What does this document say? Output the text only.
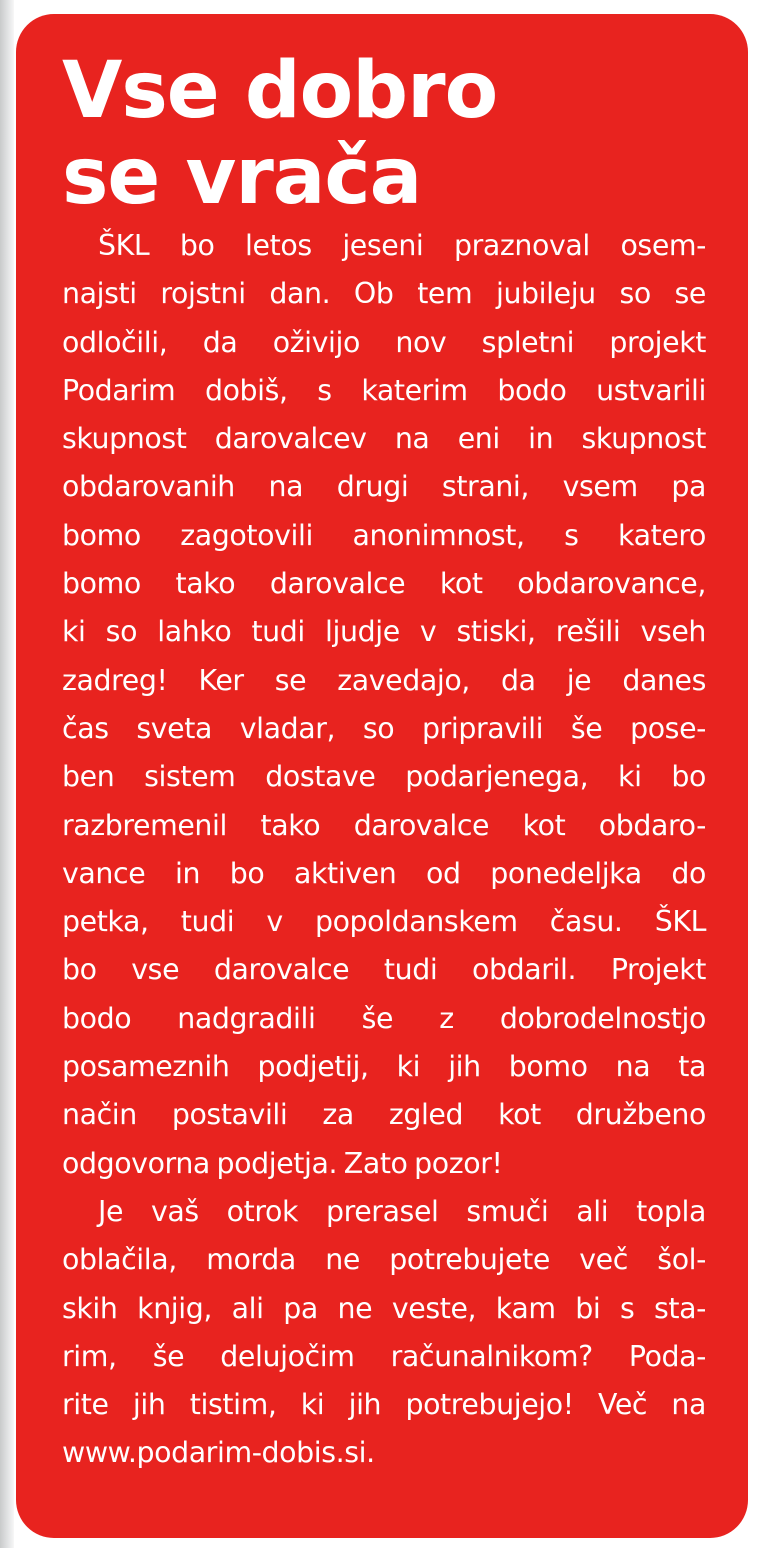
Vse dobro
se vrača

ŠKL bo letos jeseni praznoval osem-
najsti rojstni dan. Ob tem jubileju so se
odločili, da oživijo nov spletni projekt
Podarim dobiš, s katerim bodo ustvarili
skupnost darovalcev na eni in skupnost
obdarovanih na drugi strani, vsem pa
bomo zagotovili anonimnost, s katero
bomo tako darovalce kot obdarovance,
ki so lahko tudi ljudje v stiski, rešili vseh
zadreg! Ker se zavedajo, da je danes
čas sveta vladar, so pripravili še pose-
ben sistem dostave podarjenega, ki bo
razbremenil tako darovalce kot obdaro-
vance in bo aktiven od ponedeljka do
petka, tudi v popoldanskem času. ŠKL
bo vse darovalce tudi obdaril. Projekt
bodo nadgradili še z dobrodelnostjo
posameznih podjetij, ki jih bomo na ta
način postavili za zgled kot družbeno
odgovorna podjetja. Zato pozor!

Je vaš otrok prerasel smuči ali topla
oblačila, morda ne potrebujete več šol-
skih knjig, ali pa ne veste, kam bi s sta-
rim, še delujočim računalnikom? Poda-
rite jih tistim, ki jih potrebujejo! Več na
www.podarim-dobis.si.
